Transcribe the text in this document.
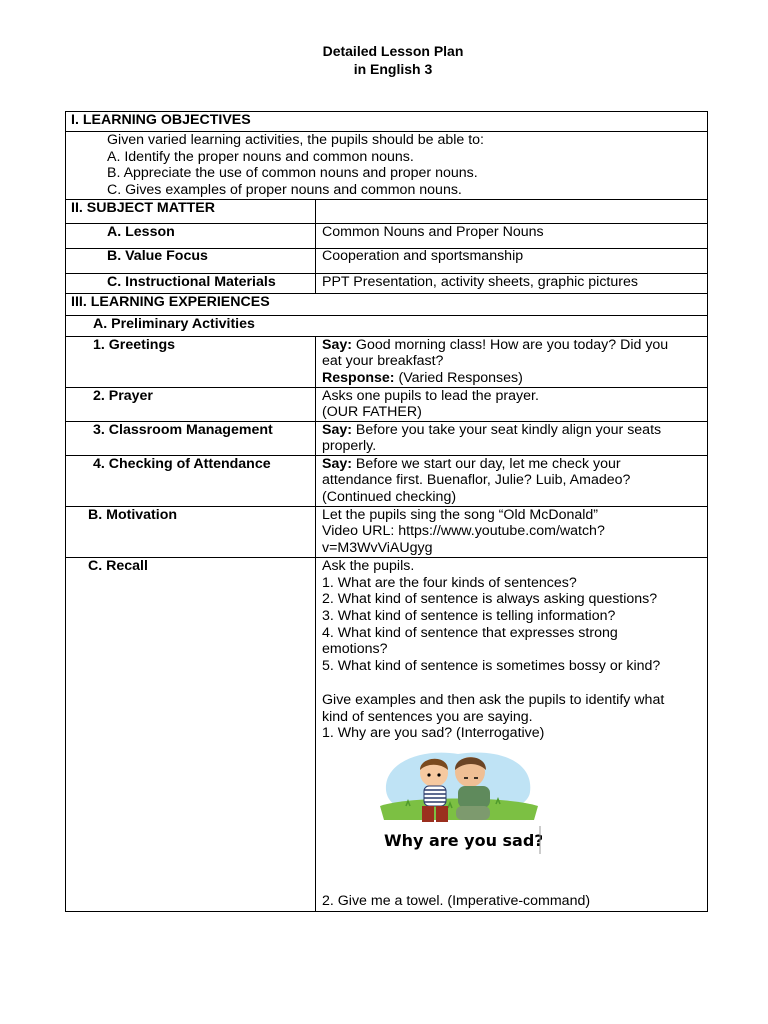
Detailed Lesson Plan
in English 3
I. LEARNING OBJECTIVES
Given varied learning activities, the pupils should be able to:
A. Identify the proper nouns and common nouns.
B. Appreciate the use of common nouns and proper nouns.
C. Gives examples of proper nouns and common nouns.
II. SUBJECT MATTER
A. Lesson	Common Nouns and Proper Nouns
B. Value Focus	Cooperation and sportsmanship
C. Instructional Materials	PPT Presentation, activity sheets, graphic pictures
III. LEARNING EXPERIENCES
A. Preliminary Activities
1. Greetings	Say: Good morning class! How are you today? Did you
eat your breakfast?
Response: (Varied Responses)
2. Prayer	Asks one pupils to lead the prayer.
(OUR FATHER)
3. Classroom Management	Say: Before you take your seat kindly align your seats
properly.
4. Checking of Attendance	Say: Before we start our day, let me check your
attendance first. Buenaflor, Julie? Luib, Amadeo?
(Continued checking)
B. Motivation	Let the pupils sing the song “Old McDonald”
Video URL: https://www.youtube.com/watch?
v=M3WvViAUgyg
C. Recall	Ask the pupils.
1. What are the four kinds of sentences?
2. What kind of sentence is always asking questions?
3. What kind of sentence is telling information?
4. What kind of sentence that expresses strong
emotions?
5. What kind of sentence is sometimes bossy or kind?
Give examples and then ask the pupils to identify what
kind of sentences you are saying.
1. Why are you sad? (Interrogative)
Why are you sad?
2. Give me a towel. (Imperative-command)
